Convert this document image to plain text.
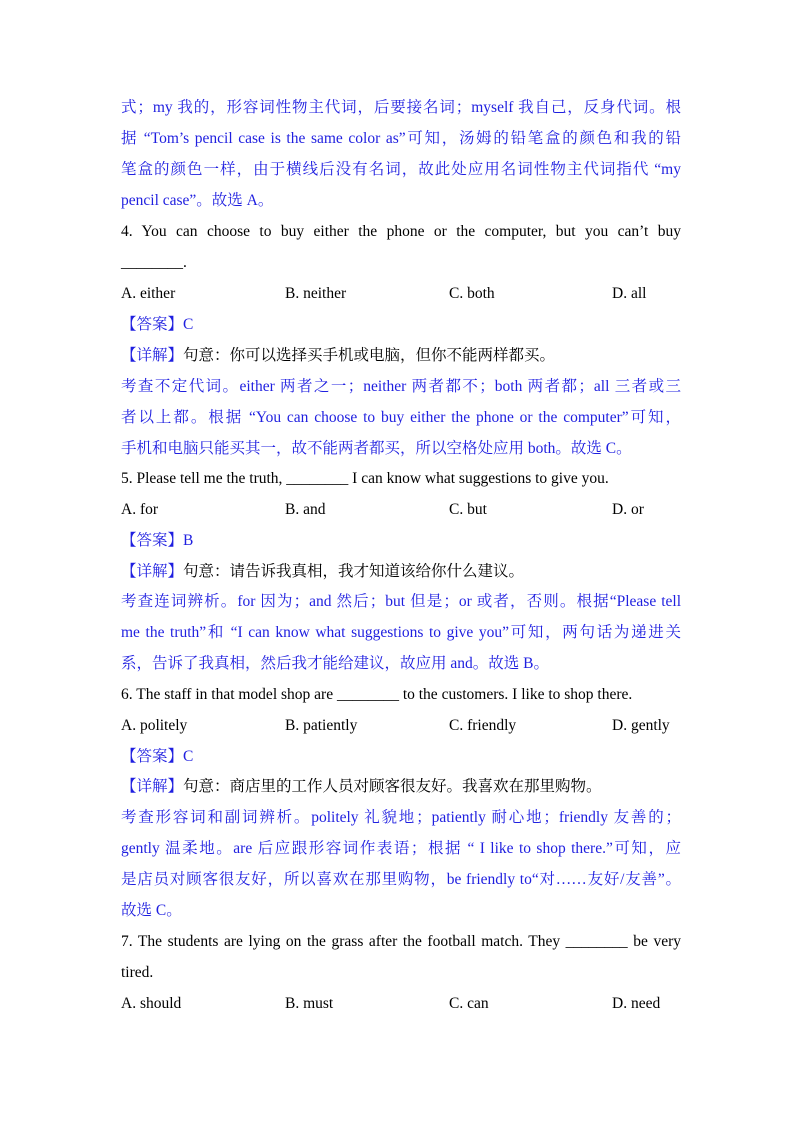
式；my 我的，形容词性物主代词，后要接名词；myself 我自己，反身代词。根
据 “Tom’s pencil case is the same color as”可知，汤姆的铅笔盒的颜色和我的铅
笔盒的颜色一样，由于横线后没有名词，故此处应用名词性物主代词指代 “my
pencil case”。故选 A。
4. You can choose to buy either the phone or the computer, but you can’t buy
________.
A. either	B. neither	C. both	D. all
【答案】C
【详解】句意：你可以选择买手机或电脑，但你不能两样都买。
考查不定代词。either 两者之一；neither 两者都不；both 两者都；all 三者或三
者以上都。根据 “You can choose to buy either the phone or the computer”可知，
手机和电脑只能买其一，故不能两者都买，所以空格处应用 both。故选 C。
5. Please tell me the truth, ________ I can know what suggestions to give you.
A. for	B. and	C. but	D. or
【答案】B
【详解】句意：请告诉我真相，我才知道该给你什么建议。
考查连词辨析。for 因为；and 然后；but 但是；or 或者，否则。根据“Please tell
me the truth”和 “I can know what suggestions to give you”可知，两句话为递进关
系，告诉了我真相，然后我才能给建议，故应用 and。故选 B。
6. The staff in that model shop are ________ to the customers. I like to shop there.
A. politely	B. patiently	C. friendly	D. gently
【答案】C
【详解】句意：商店里的工作人员对顾客很友好。我喜欢在那里购物。
考查形容词和副词辨析。politely 礼貌地；patiently 耐心地；friendly 友善的；
gently 温柔地。are 后应跟形容词作表语；根据 “ I like to shop there.”可知，应
是店员对顾客很友好，所以喜欢在那里购物，be friendly to“对……友好/友善”。
故选 C。
7. The students are lying on the grass after the football match. They ________ be very
tired.
A. should	B. must	C. can	D. need
